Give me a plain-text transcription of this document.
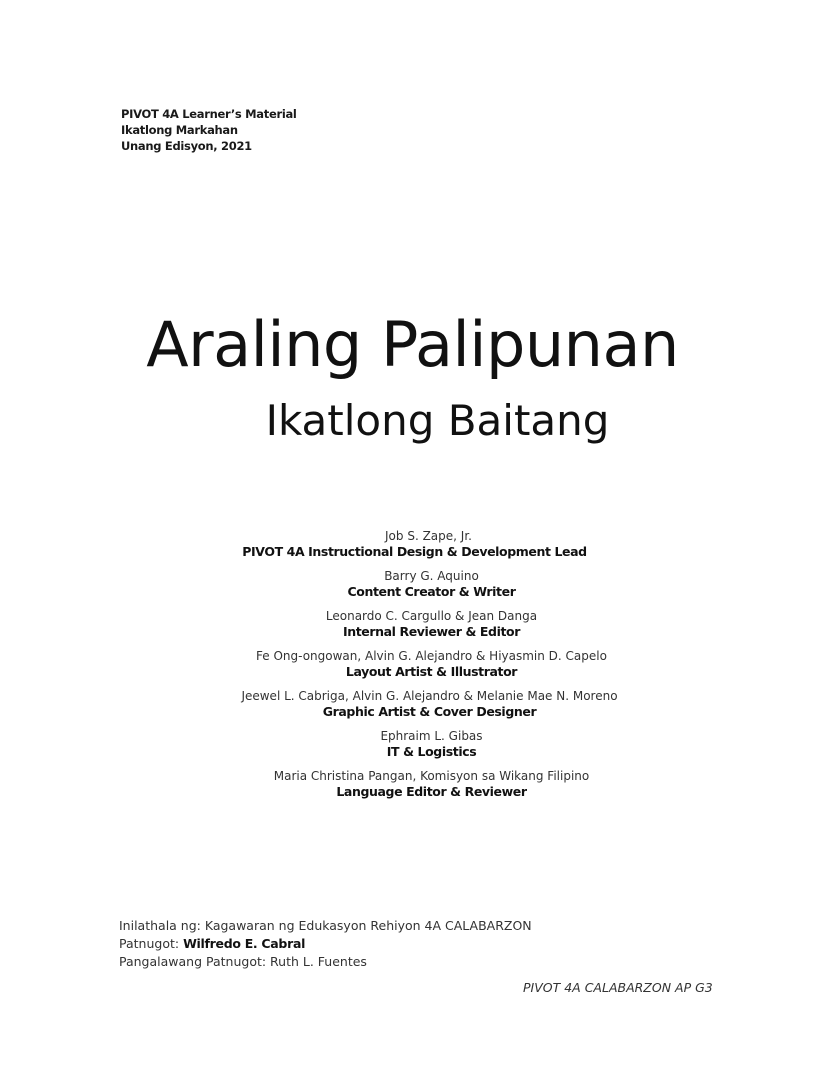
PIVOT 4A Learner’s Material
Ikatlong Markahan
Unang Edisyon, 2021
Araling Palipunan
Ikatlong Baitang
Job S. Zape, Jr.
PIVOT 4A Instructional Design & Development Lead
Barry G. Aquino
Content Creator & Writer
Leonardo C. Cargullo & Jean Danga
Internal Reviewer & Editor
Fe Ong-ongowan, Alvin G. Alejandro & Hiyasmin D. Capelo
Layout Artist & Illustrator
Jeewel L. Cabriga, Alvin G. Alejandro & Melanie Mae N. Moreno
Graphic Artist & Cover Designer
Ephraim L. Gibas
IT & Logistics
Maria Christina Pangan, Komisyon sa Wikang Filipino
Language Editor & Reviewer
Inilathala ng: Kagawaran ng Edukasyon Rehiyon 4A CALABARZON
Patnugot: Wilfredo E. Cabral
Pangalawang Patnugot: Ruth L. Fuentes
PIVOT 4A CALABARZON AP G3
